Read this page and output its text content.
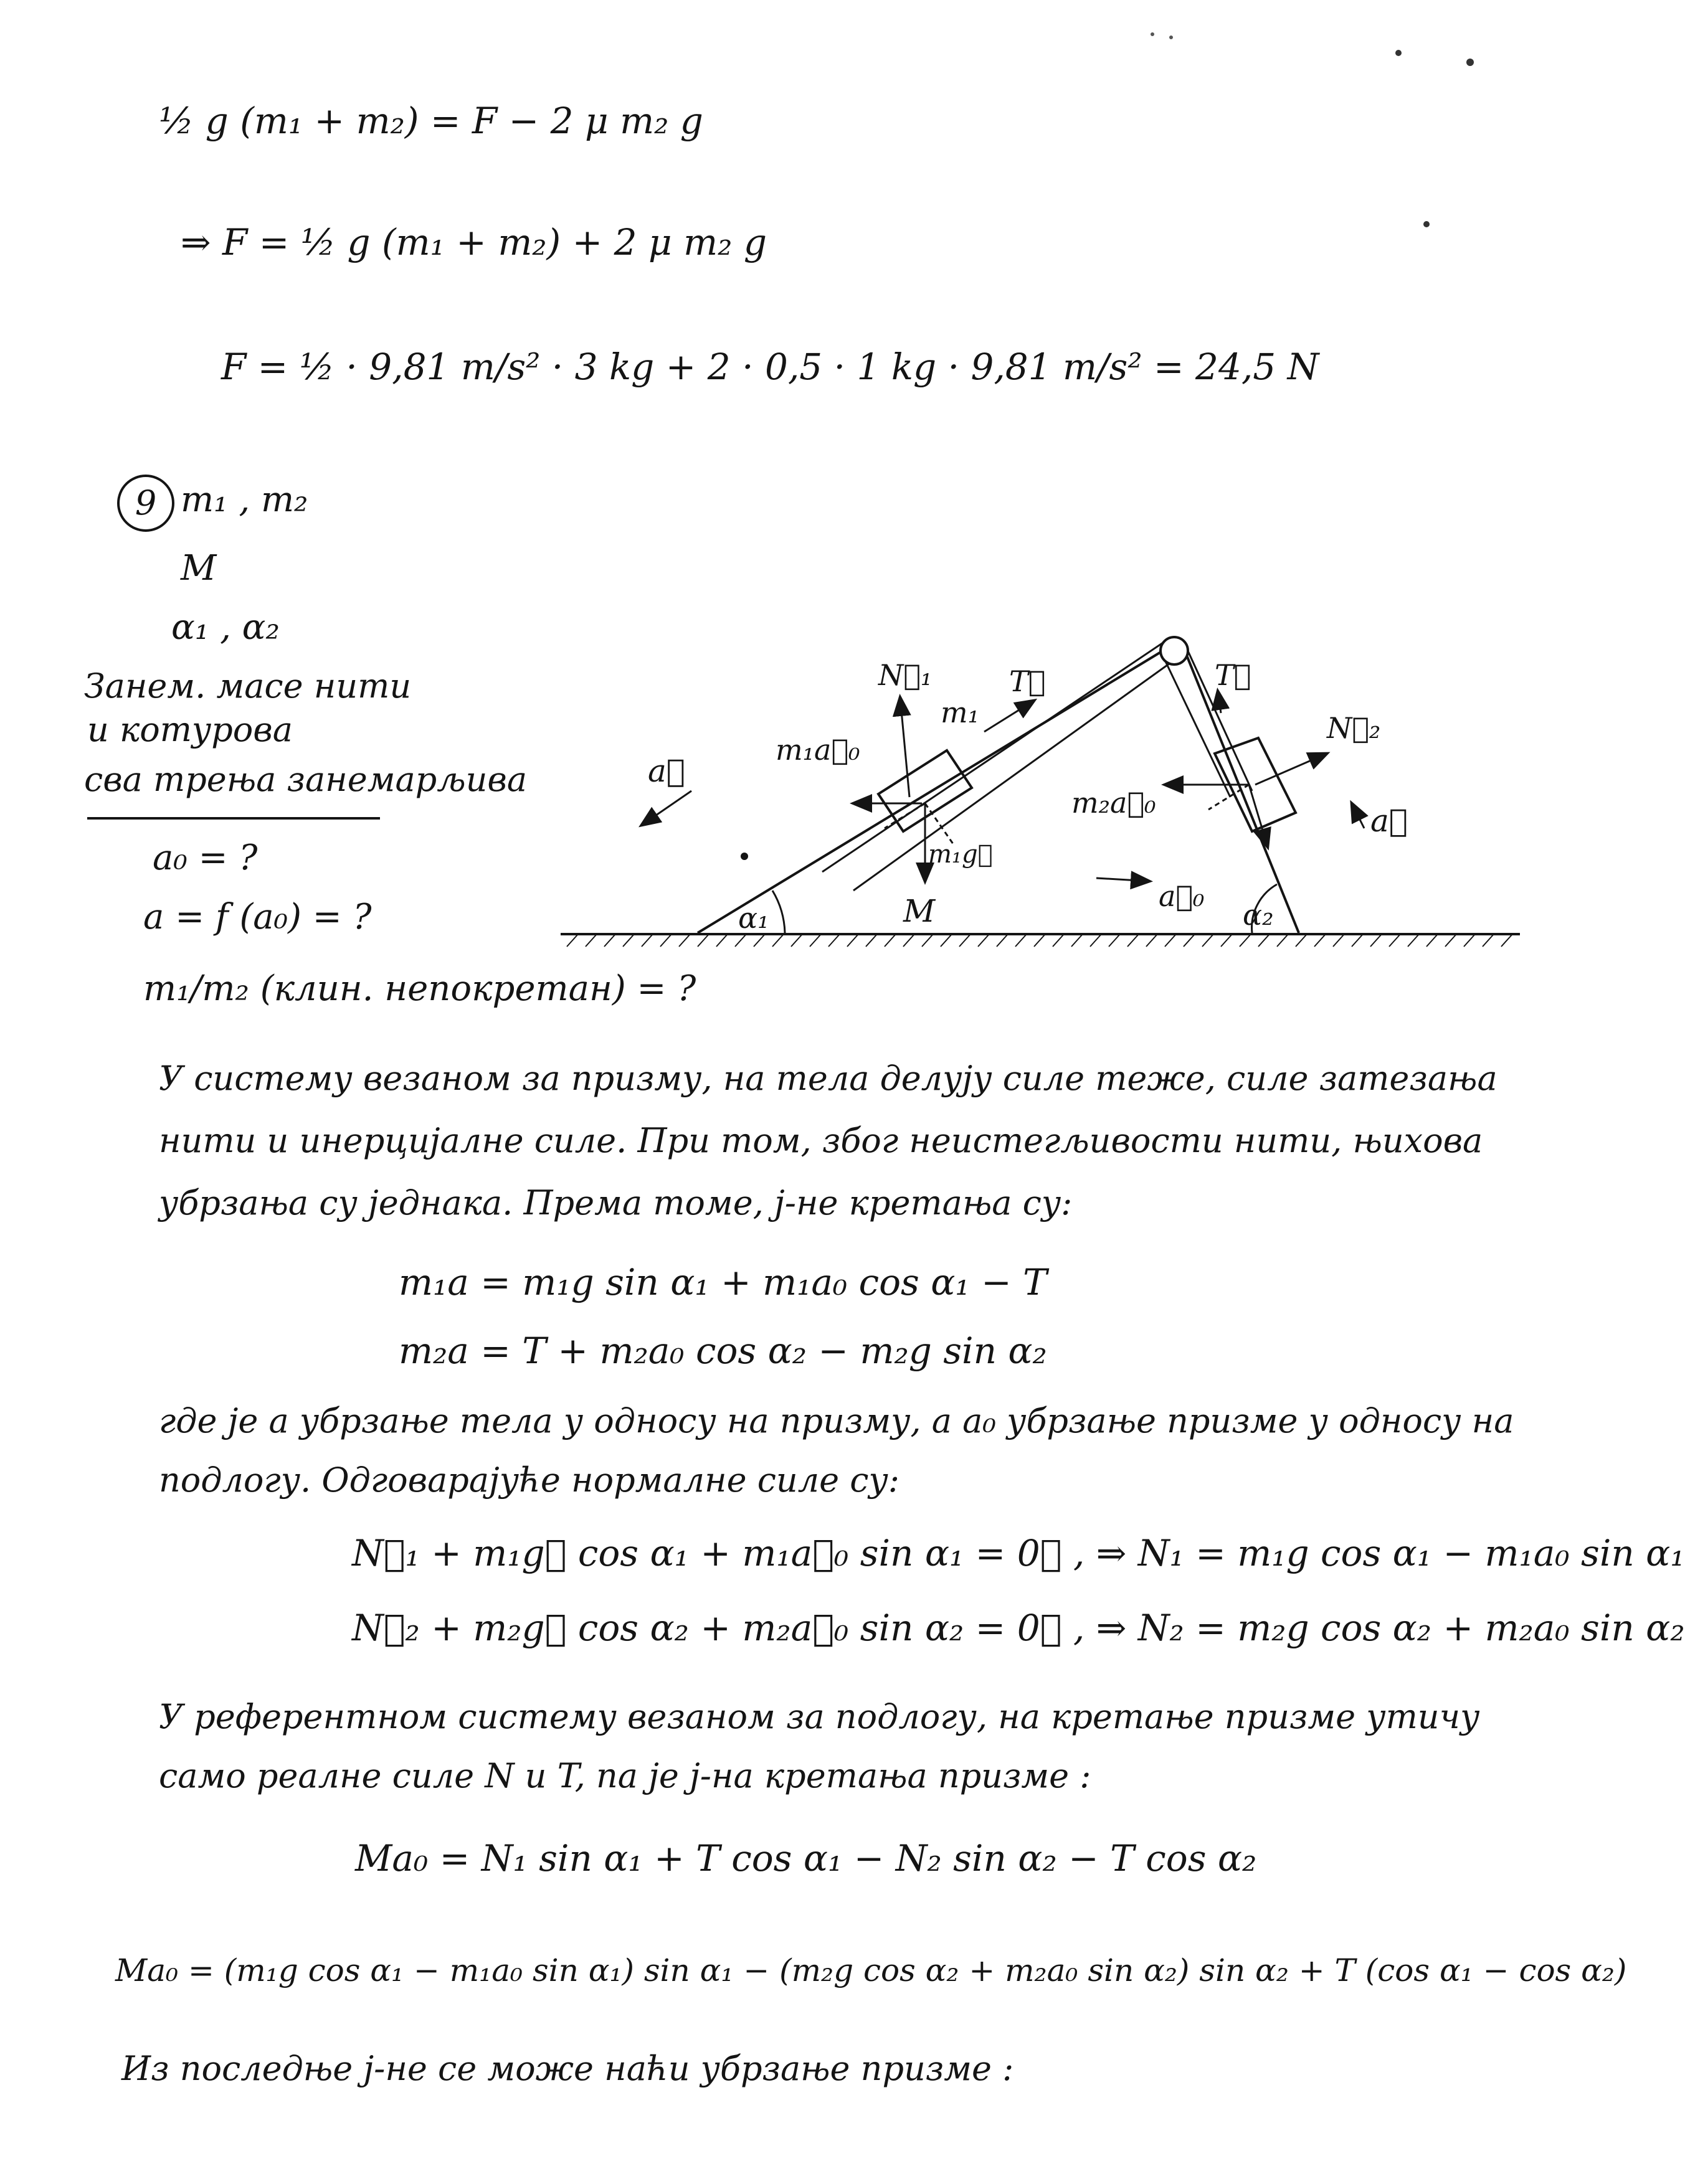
½ g (m₁ + m₂) = F − 2 μ m₂ g
⇒ F = ½ g (m₁ + m₂) + 2 μ m₂ g
F = ½ · 9,81 m/s² · 3 kg + 2 · 0,5 · 1 kg · 9,81 m/s² = 24,5 N
9 m₁ , m₂
M
α₁ , α₂
Занем. масе нити
и котурова
сва трења занемарљива
a₀ = ?
a = f (a₀) = ?
m₁/m₂ (клин. непокретан) = ?
N⃗₁
m₁
T⃗	T⃗
N⃗₂
m₁a⃗₀
m₁g⃗
a⃗
m₂a⃗₀	a⃗
a⃗₀
α₁	M	α₂
У систему везаном за призму, на тела делују силе теже, силе затезања
нити и инерцијалне силе. При том, због неистегљивости нити, њихова
убрзања су једнака. Према томе, ј-не кретања су:
m₁a = m₁g sin α₁ + m₁a₀ cos α₁ − T
m₂a = T + m₂a₀ cos α₂ − m₂g sin α₂
где је a убрзање тела у односу на призму, а a₀ убрзање призме у односу на
подлогу. Одговарајуће нормалне силе су:
N⃗₁ + m₁g⃗ cos α₁ + m₁a⃗₀ sin α₁ = 0⃗ , ⇒ N₁ = m₁g cos α₁ − m₁a₀ sin α₁
N⃗₂ + m₂g⃗ cos α₂ + m₂a⃗₀ sin α₂ = 0⃗ , ⇒ N₂ = m₂g cos α₂ + m₂a₀ sin α₂
У референтном систему везаном за подлогу, на кретање призме утичу
само реалне силе N и T, па је ј-на кретања призме :
Ma₀ = N₁ sin α₁ + T cos α₁ − N₂ sin α₂ − T cos α₂
Ma₀ = (m₁g cos α₁ − m₁a₀ sin α₁) sin α₁ − (m₂g cos α₂ + m₂a₀ sin α₂) sin α₂ + T (cos α₁ − cos α₂)
Из последње ј-не се може наћи убрзање призме :
